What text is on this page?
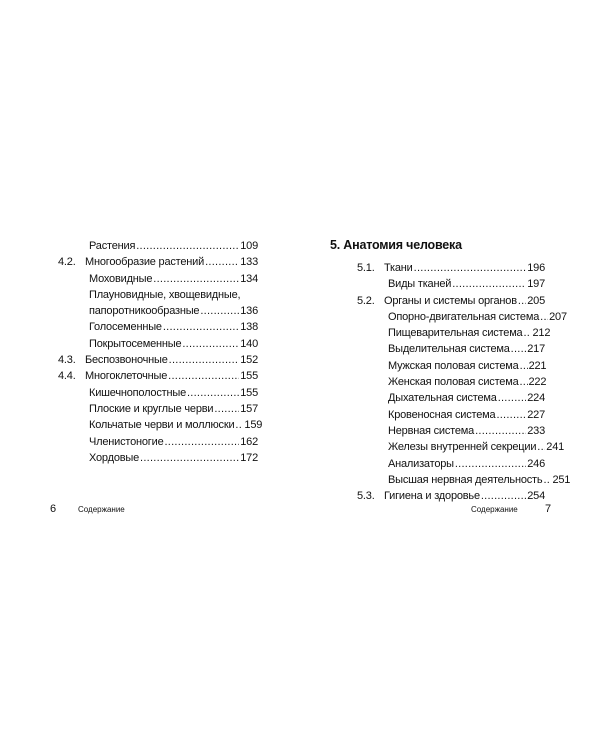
Растения . . .	109
4.2. Многообразие растений . . .	133
Моховидные . . .	134
Плауновидные, хвощевидные,
папоротникообразные . . .	136
Голосеменные . . .	138
Покрытосеменные . . .	140
4.3. Беспозвоночные . . .	152
4.4. Многоклеточные . . .	155
Кишечнополостные . . .	155
Плоские и круглые черви . . . 157
Кольчатые черви и моллюски . . . 159
Членистоногие . . .	162
Хордовые . . .	172
6	Содержание
5. Анатомия человека
5.1. Ткани . . .	196
Виды тканей . . .	197
5.2. Органы и системы органов . . . 205
Опорно-двигательная система . . . 207
Пищеварительная система . . . 212
Выделительная система . . . 217
Мужская половая система . . . 221
Женская половая система . . . 222
Дыхательная система . . .	224
Кровеносная система . . .	227
Нервная система . . .	233
Железы внутренней секреции . . . 241
Анализаторы . . .	246
Высшая нервная деятельность . . . 251
5.3. Гигиена и здоровье . . .	254
Содержание 7
